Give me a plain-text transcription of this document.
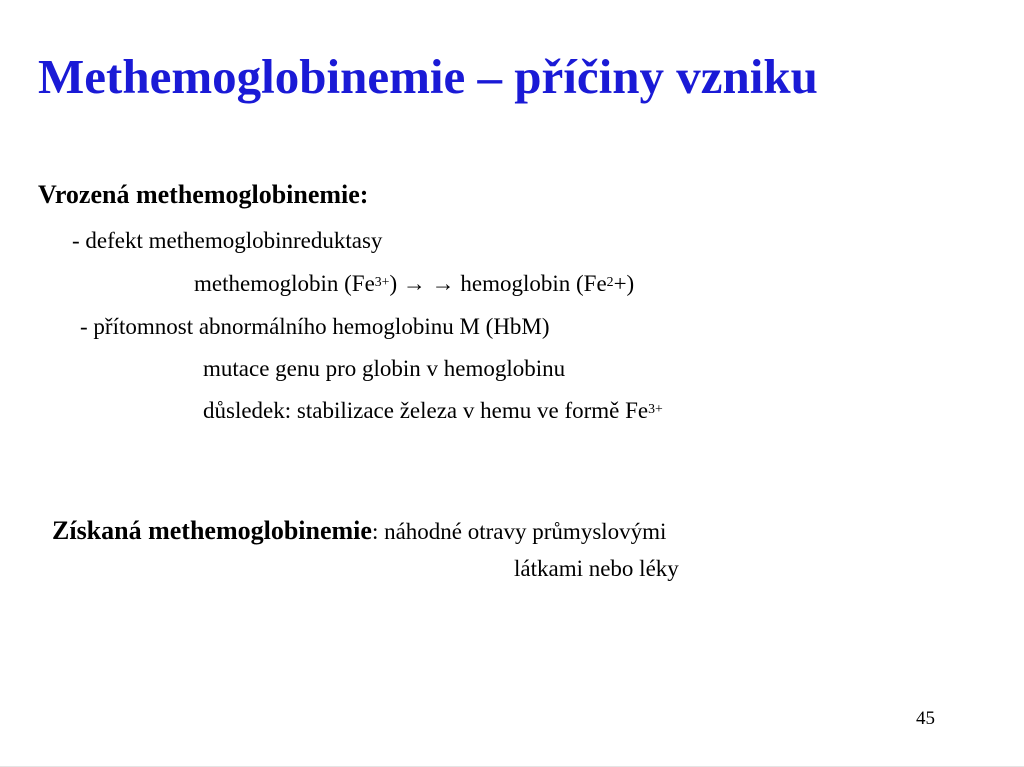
Methemoglobinemie – příčiny vzniku
Vrozená methemoglobinemie:
- defekt methemoglobinreduktasy
methemoglobin $(Fe^{3+})$ → → hemoglobin $(Fe^2+)$
- přítomnost abnormálního hemoglobinu M (HbM)
mutace genu pro globin v hemoglobinu
důsledek: stabilizace železa v hemu ve formě $Fe^{3+}$
Získaná methemoglobinemie: náhodné otravy průmyslovými
látkami nebo léky
45
